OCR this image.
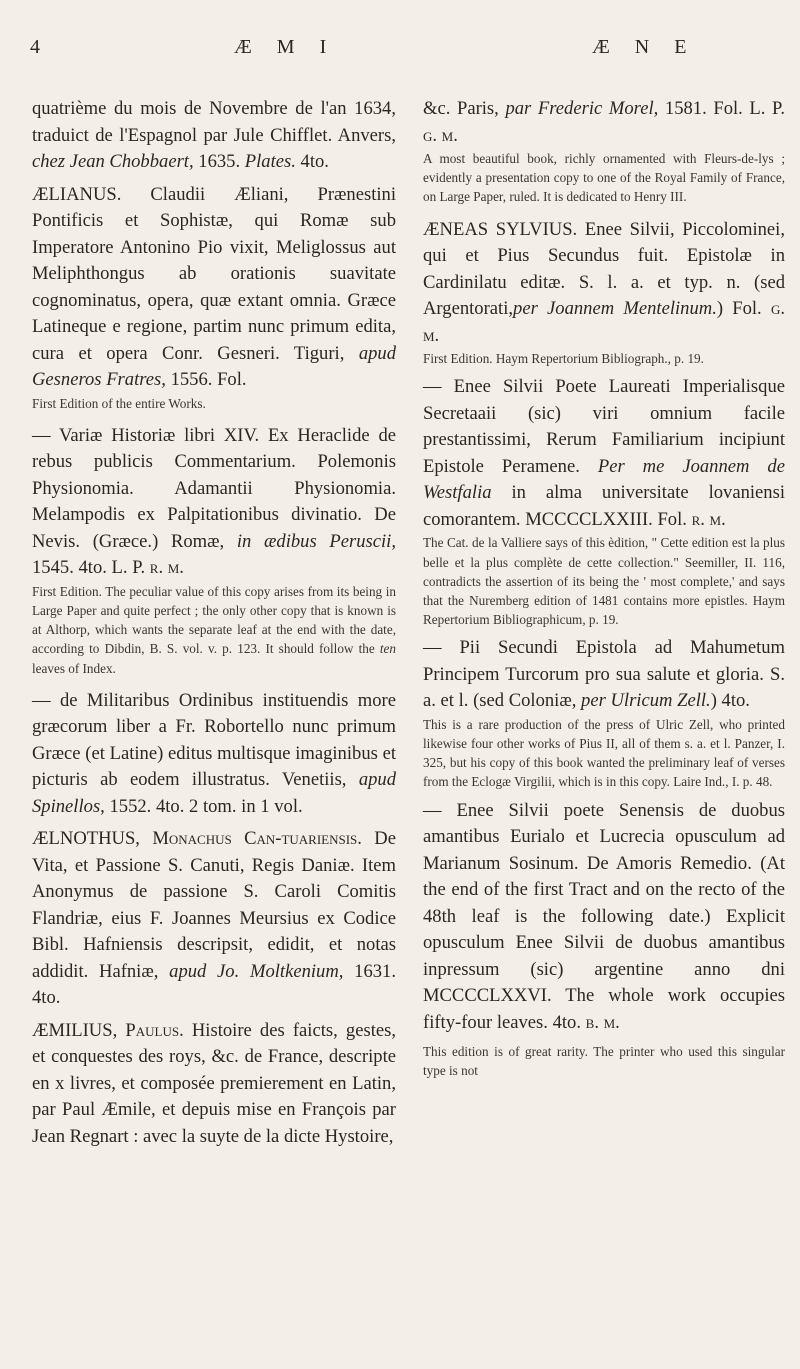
4	Æ M I	Æ N E

quatrième du mois de Novembre de l'an 1634, traduict de l'Espagnol par Jule Chifflet. Anvers, chez Jean Chobbaert, 1635. Plates. 4to.

ÆLIANUS. Claudii Æliani, Prænestini Pontificis et Sophistæ, qui Romæ sub Imperatore Antonino Pio vixit, Meliglossus aut Meliphthongus ab orationis suavitate cognominatus, opera, quæ extant omnia. Græce Latineque e regione, partim nunc primum edita, cura et opera Conr. Gesneri. Tiguri, apud Gesneros Fratres, 1556. Fol.

First Edition of the entire Works.

— Variæ Historiæ libri XIV. Ex Heraclide de rebus publicis Commentarium. Polemonis Physionomia. Adamantii Physionomia. Melampodis ex Palpitationibus divinatio. De Nevis. (Græce.) Romæ, in ædibus Peruscii, 1545. 4to. L. P. r. m.

First Edition. The peculiar value of this copy arises from its being in Large Paper and quite perfect ; the only other copy that is known is at Althorp, which wants the separate leaf at the end with the date, according to Dibdin, B. S. vol. v. p. 123. It should follow the ten leaves of Index.

— de Militaribus Ordinibus instituendis more græcorum liber a Fr. Robortello nunc primum Græce (et Latine) editus multisque imaginibus et picturis ab eodem illustratus. Venetiis, apud Spinellos, 1552. 4to. 2 tom. in 1 vol.

ÆLNOTHUS, Monachus Can-tuariensis. De Vita, et Passione S. Canuti, Regis Daniæ. Item Anonymus de passione S. Caroli Comitis Flandriæ, eius F. Joannes Meursius ex Codice Bibl. Hafniensis descripsit, edidit, et notas addidit. Hafniæ, apud Jo. Moltkenium, 1631. 4to.

ÆMILIUS, Paulus. Histoire des faicts, gestes, et conquestes des roys, &c. de France, descripte en x livres, et composée premierement en Latin, par Paul Æmile, et depuis mise en François par Jean Regnart : avec la suyte de la dicte Hystoire,

&c. Paris, par Frederic Morel, 1581. Fol. L. P. g. m.

A most beautiful book, richly ornamented with Fleurs-de-lys ; evidently a presentation copy to one of the Royal Family of France, on Large Paper, ruled. It is dedicated to Henry III.

ÆNEAS SYLVIUS. Enee Silvii, Piccolominei, qui et Pius Secundus fuit. Epistolæ in Cardinilatu editæ. S. l. a. et typ. n. (sed Argentorati,per Joannem Mentelinum.) Fol. g. m.

First Edition. Haym Repertorium Bibliograph., p. 19.

— Enee Silvii Poete Laureati Imperialisque Secretaaii (sic) viri omnium facile prestantissimi, Rerum Familiarium incipiunt Epistole Peramene. Per me Joannem de Westfalia in alma universitate lovaniensi comorantem. MCCCCLXXIII. Fol. r. m.

The Cat. de la Valliere says of this èdition, " Cette edition est la plus belle et la plus complète de cette collection." Seemiller, II. 116, contradicts the assertion of its being the ' most complete,' and says that the Nuremberg edition of 1481 contains more epistles. Haym Repertorium Bibliographicum, p. 19.

— Pii Secundi Epistola ad Mahumetum Principem Turcorum pro sua salute et gloria. S. a. et l. (sed Coloniæ, per Ulricum Zell.) 4to.

This is a rare production of the press of Ulric Zell, who printed likewise four other works of Pius II, all of them s. a. et l. Panzer, I. 325, but his copy of this book wanted the preliminary leaf of verses from the Eclogæ Virgilii, which is in this copy. Laire Ind., I. p. 48.

— Enee Silvii poete Senensis de duobus amantibus Eurialo et Lucrecia opusculum ad Marianum Sosinum. De Amoris Remedio. (At the end of the first Tract and on the recto of the 48th leaf is the following date.) Explicit opusculum Enee Silvii de duobus amantibus inpressum (sic) argentine anno dni MCCCCLXXVI. The whole work occupies fifty-four leaves. 4to. b. m.

This edition is of great rarity. The printer who used this singular type is not
